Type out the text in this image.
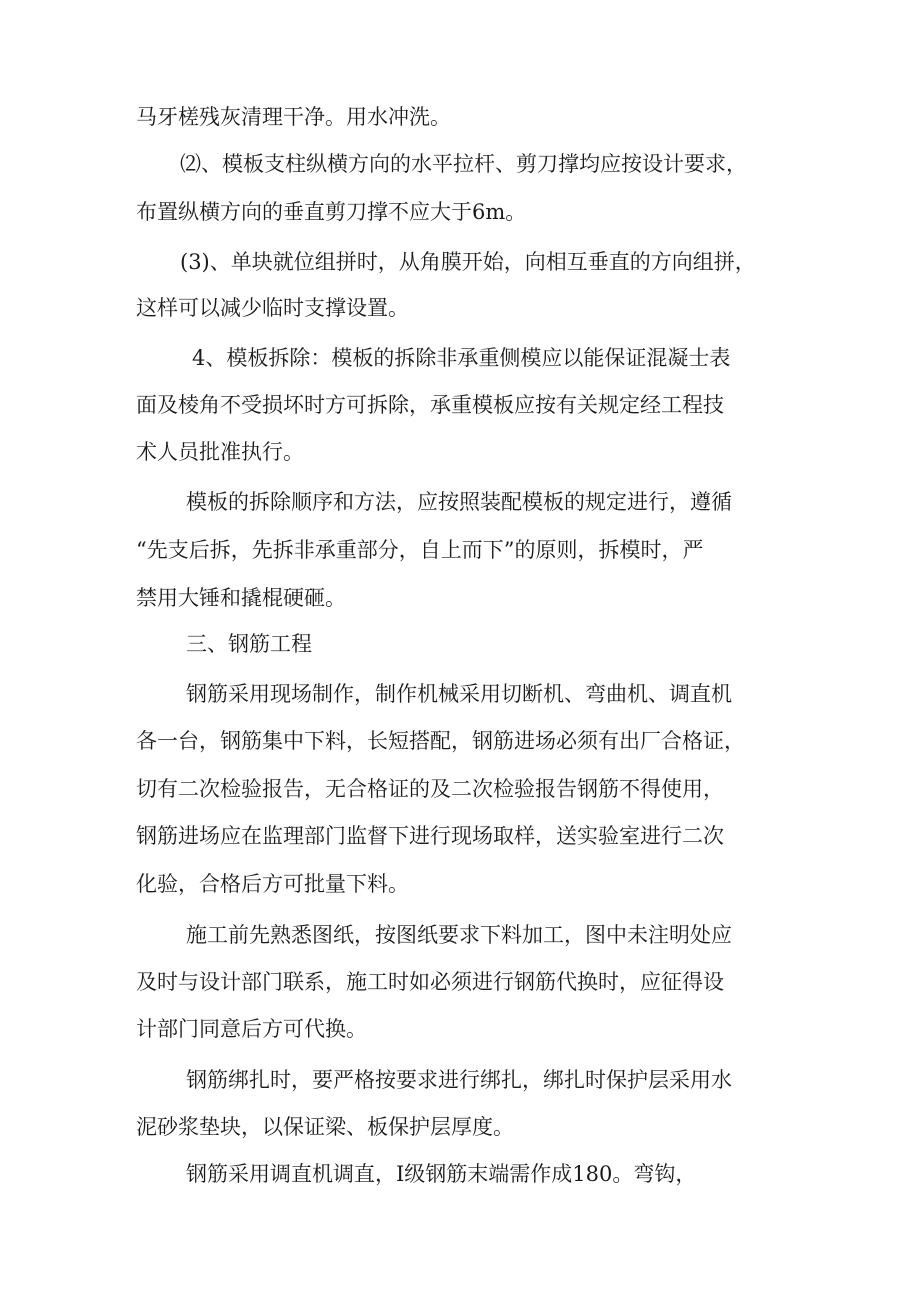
马牙槎残灰清理干净。用水冲洗。
⑵、模板支柱纵横方向的水平拉杆、剪刀撑均应按设计要求，
布置纵横方向的垂直剪刀撑不应大于6m。
(3)、单块就位组拼时，从角膜开始，向相互垂直的方向组拼，
这样可以减少临时支撑设置。
4、模板拆除：模板的拆除非承重侧模应以能保证混凝士表
面及棱角不受损坏时方可拆除，承重模板应按有关规定经工程技
术人员批准执行。
模板的拆除顺序和方法，应按照装配模板的规定进行，遵循
“先支后拆，先拆非承重部分，自上而下”的原则，拆模时，严
禁用大锤和撬棍硬砸。
三、钢筋工程
钢筋采用现场制作，制作机械采用切断机、弯曲机、调直机
各一台，钢筋集中下料，长短搭配，钢筋进场必须有出厂合格证，
切有二次检验报告，无合格证的及二次检验报告钢筋不得使用，
钢筋进场应在监理部门监督下进行现场取样，送实验室进行二次
化验，合格后方可批量下料。
施工前先熟悉图纸，按图纸要求下料加工，图中未注明处应
及时与设计部门联系，施工时如必须进行钢筋代换时，应征得设
计部门同意后方可代换。
钢筋绑扎时，要严格按要求进行绑扎，绑扎时保护层采用水
泥砂浆垫块，以保证梁、板保护层厚度。
钢筋采用调直机调直，I级钢筋末端需作成180。弯钩，
